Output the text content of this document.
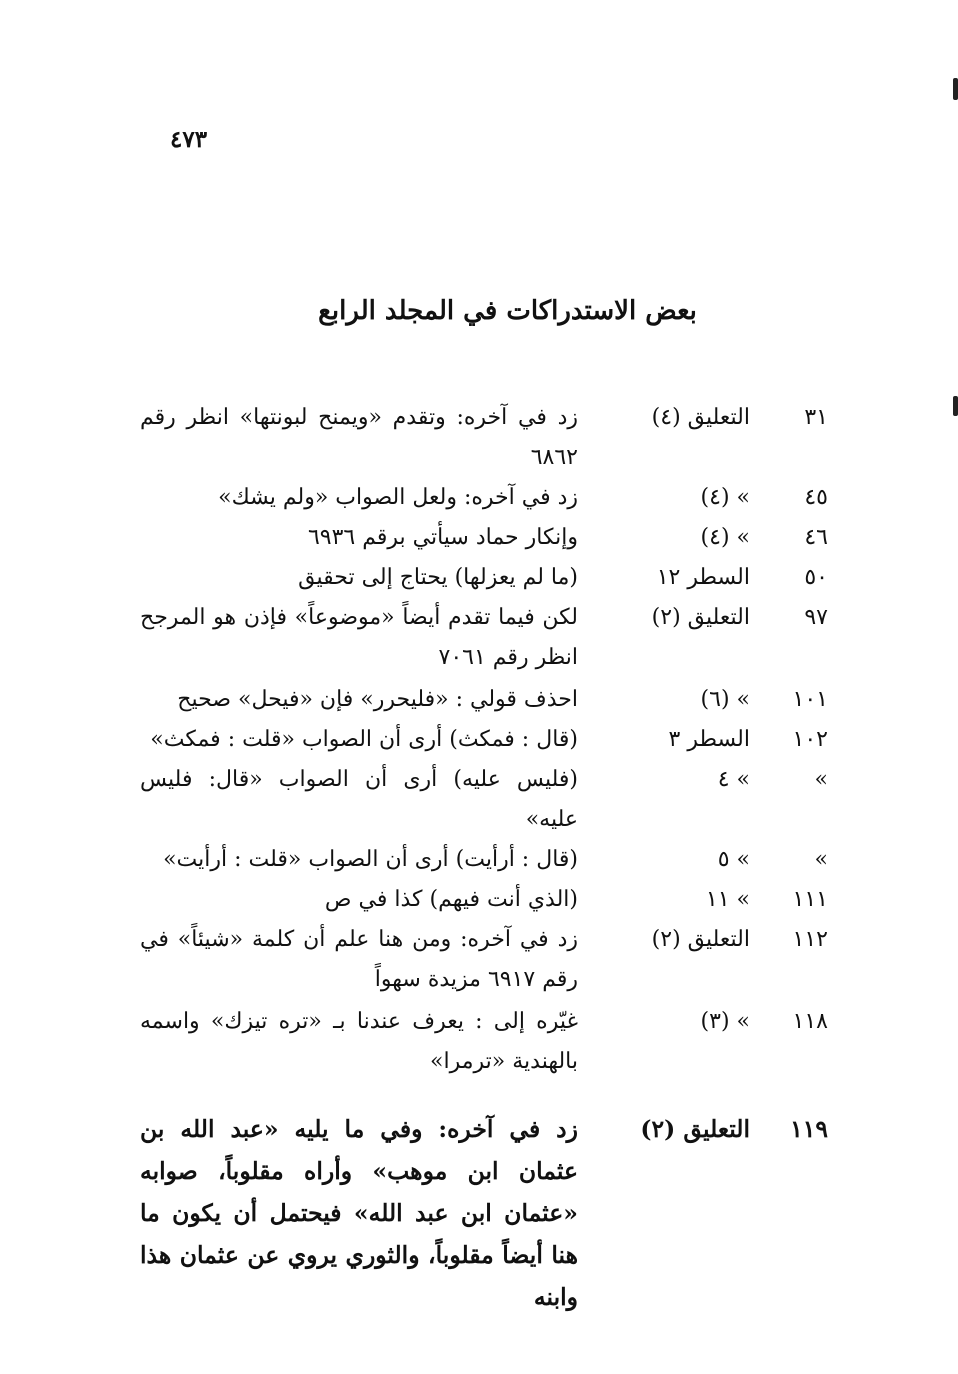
٤٧٣
بعض الاستدراكات في المجلد الرابع
٣١
التعليق (٤)
زد في آخره: وتقدم «ويمنح لبونتها» انظر رقم ٦٨٦٢
٤٥
» (٤)
زد في آخره: ولعل الصواب «ولم يشك»
٤٦
» (٤)
وإنكار حماد سيأتي برقم ٦٩٣٦
٥٠
السطر ١٢
(ما لم يعزلها) يحتاج إلى تحقيق
٩٧
التعليق (٢)
لكن فيما تقدم أيضاً «موضوعاً» فإذن هو المرجح انظر رقم ٧٠٦١
١٠١
» (٦)
احذف قولي : «فليحرر» فإن «فيحل» صحيح
١٠٢
السطر ٣
(قال : فمكث) أرى أن الصواب «قلت : فمكث»
»
» ٤
(فليس عليه) أرى أن الصواب «قال: فليس عليه»
»
» ٥
(قال : أرأيت) أرى أن الصواب «قلت : أرأيت»
١١١
» ١١
(الذي أنت فيهم) كذا في ص
١١٢
التعليق (٢)
زد في آخره: ومن هنا علم أن كلمة «شيئاً» في رقم ٦٩١٧ مزيدة سهواً
١١٨
» (٣)
غيّره إلى : يعرف عندنا بـ «تره تيزك» واسمه بالهندية «ترمرا»
١١٩
التعليق (٢)
زد في آخره: وفي ما يليه «عبد الله بن عثمان ابن موهب» وأراه مقلوباً، صوابه «عثمان ابن عبد الله» فيحتمل أن يكون ما هنا أيضاً مقلوباً، والثوري يروي عن عثمان هذا وابنه
